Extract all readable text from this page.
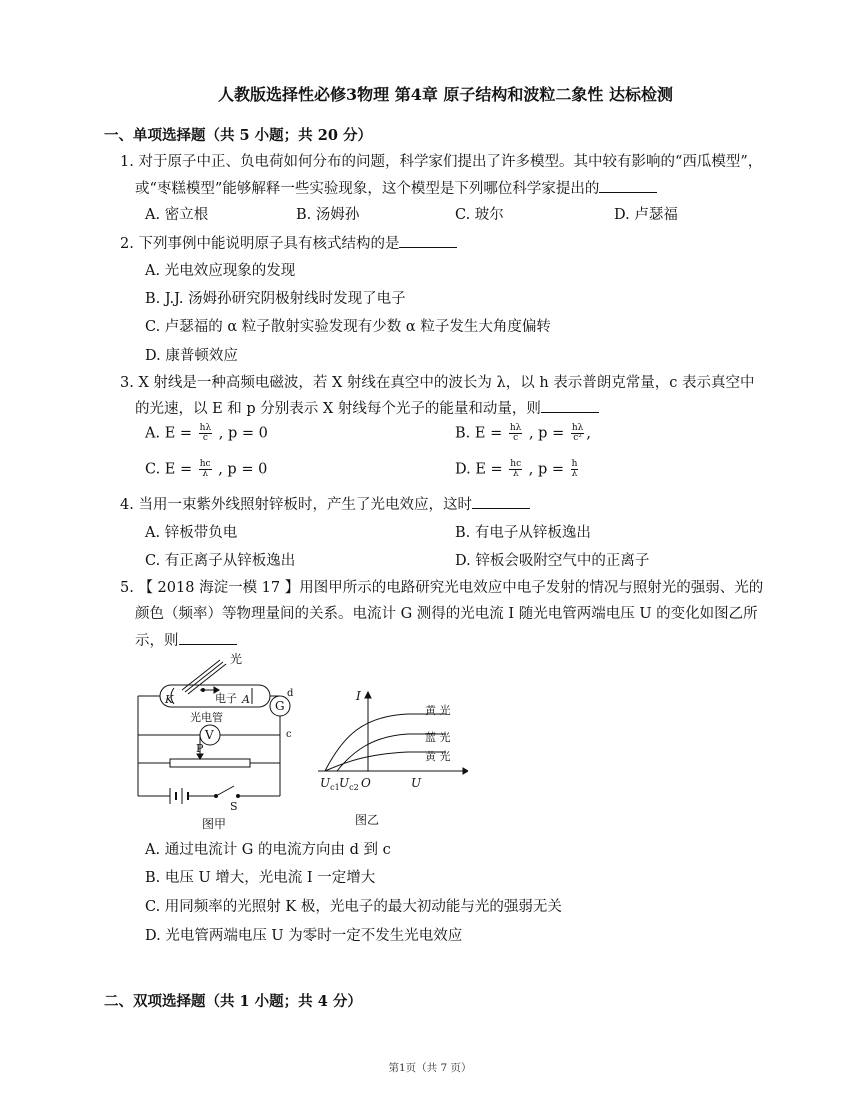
人教版选择性必修3物理 第4章 原子结构和波粒二象性 达标检测
一、单项选择题（共 5 小题；共 20 分）
1. 对于原子中正、负电荷如何分布的问题，科学家们提出了许多模型。其中较有影响的“西瓜模型”，
或“枣糕模型”能够解释一些实验现象，这个模型是下列哪位科学家提出的
A. 密立根	B. 汤姆孙	C. 玻尔	D. 卢瑟福
2. 下列事例中能说明原子具有核式结构的是
A. 光电效应现象的发现
B. J.J. 汤姆孙研究阴极射线时发现了电子
C. 卢瑟福的 α 粒子散射实验发现有少数 α 粒子发生大角度偏转
D. 康普顿效应
3. X 射线是一种高频电磁波，若 X 射线在真空中的波长为 λ，以 h 表示普朗克常量，c 表示真空中
的光速，以 E 和 p 分别表示 X 射线每个光子的能量和动量，则
A. $E = \frac{h\lambda}{c}$ , p = 0	B. $E = \frac{h\lambda}{c}$ , $p = \frac{h\lambda}{\text{c²}}$ ,
C. $E = \frac{hc}{\lambda}$ , p = 0	D. $E = \frac{hc}{\lambda}$ , $p = \frac{h}{\lambda}$
4. 当用一束紫外线照射锌板时，产生了光电效应，这时
A. 锌板带负电	B. 有电子从锌板逸出
C. 有正离子从锌板逸出	D. 锌板会吸附空气中的正离子
5. 【 2018 海淀一模 17 】用图甲所示的电路研究光电效应中电子发射的情况与照射光的强弱、光的
颜色（频率）等物理量间的关系。电流计 G 测得的光电流 I 随光电管两端电压 U 的变化如图乙所
示，则
光
K	A
电子
光电管
G
d
c
V
P
S
图甲
I
U
O
黄 光
蓝 光
黄 光
$U_{c1}$ $U_{c2}$
图乙
A. 通过电流计 G 的电流方向由 d 到 c
B. 电压 U 增大，光电流 I 一定增大
C. 用同频率的光照射 K 极，光电子的最大初动能与光的强弱无关
D. 光电管两端电压 U 为零时一定不发生光电效应
二、双项选择题（共 1 小题；共 4 分）
第1页（共 7 页）
